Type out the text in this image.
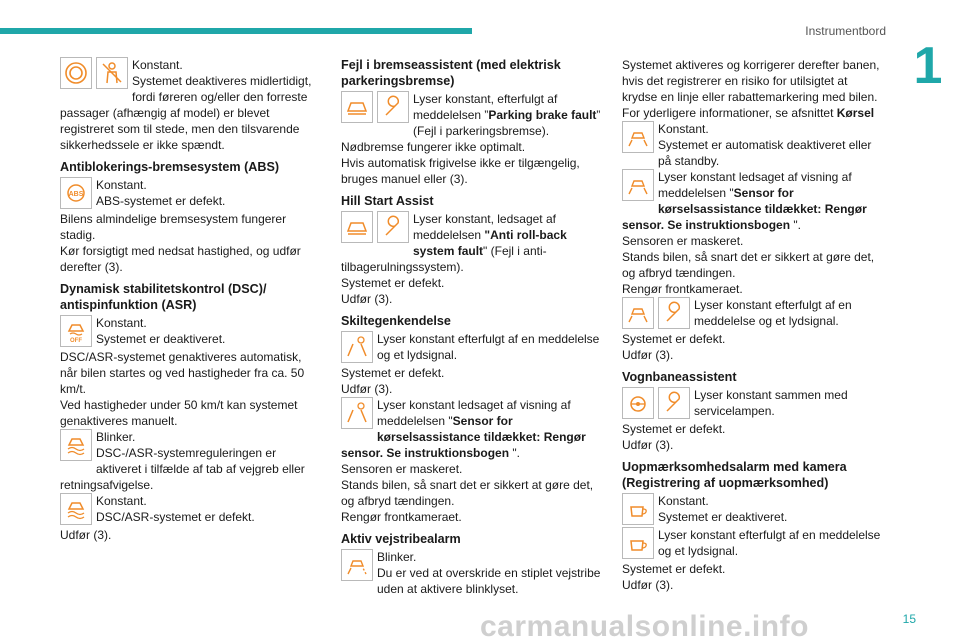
Instrumentbord
1

Konstant.

Systemet deaktiveres midlertidigt, fordi føreren og/eller den forreste passager (afhængig af model) er blevet registreret som til stede, men den tilsvarende sikkerhedssele er ikke spændt.

Antiblokerings-bremsesystem (ABS)
ABS

Konstant.

ABS-systemet er defekt.

Bilens almindelige bremsesystem fungerer stadig.

Kør forsigtigt med nedsat hastighed, og udfør derefter (3).

Dynamisk stabilitetskontrol (DSC)/ antispinfunktion (ASR)
OFF

Konstant.

Systemet er deaktiveret.

DSC/ASR-systemet genaktiveres automatisk, når bilen startes og ved hastigheder fra ca. 50 km/t.

Ved hastigheder under 50 km/t kan systemet genaktiveres manuelt.

Blinker.

DSC-/ASR-systemreguleringen er aktiveret i tilfælde af tab af vejgreb eller retningsafvigelse.

Konstant.

DSC/ASR-systemet er defekt.

Udfør (3).

Fejl i bremseassistent (med elektrisk parkeringsbremse)

Lyser konstant, efterfulgt af meddelelsen ”Parking brake fault” (Fejl i parkeringsbremse).

Nødbremse fungerer ikke optimalt.

Hvis automatisk frigivelse ikke er tilgængelig, bruges manuel eller (3).

Hill Start Assist

Lyser konstant, ledsaget af meddelelsen "Anti roll-back system fault" (Fejl i anti-tilbagerulningssystem).

Systemet er defekt.

Udfør (3).

Skiltegenkendelse

Lyser konstant efterfulgt af en meddelelse og et lydsignal.

Systemet er defekt.

Udfør (3).

Lyser konstant ledsaget af visning af meddelelsen "Sensor for kørselsassistance tildækket: Rengør sensor. Se instruktionsbogen ".

Sensoren er maskeret.

Stands bilen, så snart det er sikkert at gøre det, og afbryd tændingen.

Rengør frontkameraet.

Aktiv vejstribealarm

Blinker.

Du er ved at overskride en stiplet vejstribe uden at aktivere blinklyset.

Systemet aktiveres og korrigerer derefter banen, hvis det registrerer en risiko for utilsigtet at krydse en linje eller rabattemarkering med bilen.

For yderligere informationer, se afsnittet Kørsel

Konstant.

Systemet er automatisk deaktiveret eller på standby.

Lyser konstant ledsaget af visning af meddelelsen "Sensor for kørselsassistance tildækket: Rengør sensor. Se instruktionsbogen ".

Sensoren er maskeret.

Stands bilen, så snart det er sikkert at gøre det, og afbryd tændingen.

Rengør frontkameraet.

Lyser konstant efterfulgt af en meddelelse og et lydsignal.

Systemet er defekt.

Udfør (3).

Vognbaneassistent

Lyser konstant sammen med servicelampen.

Systemet er defekt.

Udfør (3).

Uopmærksomhedsalarm med kamera (Registrering af uopmærksomhed)

Konstant.

Systemet er deaktiveret.

Lyser konstant efterfulgt af en meddelelse og et lydsignal.

Systemet er defekt.

Udfør (3).

15
carmanualsonline.info
